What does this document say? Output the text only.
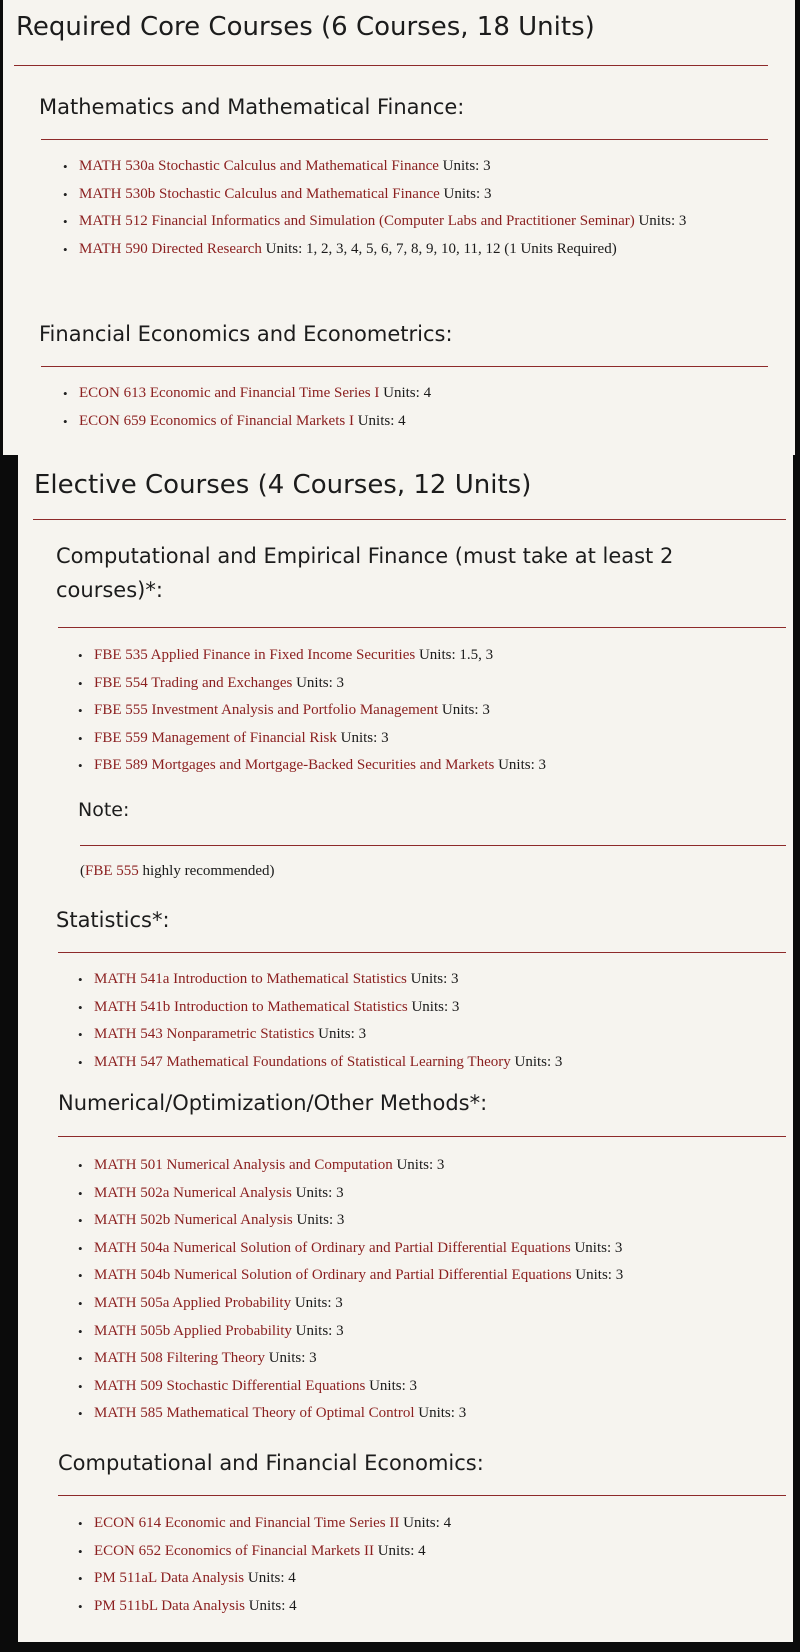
Required Core Courses (6 Courses, 18 Units)
Mathematics and Mathematical Finance:
• MATH 530a Stochastic Calculus and Mathematical Finance Units: 3
• MATH 530b Stochastic Calculus and Mathematical Finance Units: 3
• MATH 512 Financial Informatics and Simulation (Computer Labs and Practitioner Seminar) Units: 3
• MATH 590 Directed Research Units: 1, 2, 3, 4, 5, 6, 7, 8, 9, 10, 11, 12 (1 Units Required)
Financial Economics and Econometrics:
• ECON 613 Economic and Financial Time Series I Units: 4
• ECON 659 Economics of Financial Markets I Units: 4
Elective Courses (4 Courses, 12 Units)
Computational and Empirical Finance (must take at least 2 courses)*:
• FBE 535 Applied Finance in Fixed Income Securities Units: 1.5, 3
• FBE 554 Trading and Exchanges Units: 3
• FBE 555 Investment Analysis and Portfolio Management Units: 3
• FBE 559 Management of Financial Risk Units: 3
• FBE 589 Mortgages and Mortgage-Backed Securities and Markets Units: 3
Note:
(FBE 555 highly recommended)
Statistics*:
• MATH 541a Introduction to Mathematical Statistics Units: 3
• MATH 541b Introduction to Mathematical Statistics Units: 3
• MATH 543 Nonparametric Statistics Units: 3
• MATH 547 Mathematical Foundations of Statistical Learning Theory Units: 3
Numerical/Optimization/Other Methods*:
• MATH 501 Numerical Analysis and Computation Units: 3
• MATH 502a Numerical Analysis Units: 3
• MATH 502b Numerical Analysis Units: 3
• MATH 504a Numerical Solution of Ordinary and Partial Differential Equations Units: 3
• MATH 504b Numerical Solution of Ordinary and Partial Differential Equations Units: 3
• MATH 505a Applied Probability Units: 3
• MATH 505b Applied Probability Units: 3
• MATH 508 Filtering Theory Units: 3
• MATH 509 Stochastic Differential Equations Units: 3
• MATH 585 Mathematical Theory of Optimal Control Units: 3
Computational and Financial Economics:
• ECON 614 Economic and Financial Time Series II Units: 4
• ECON 652 Economics of Financial Markets II Units: 4
• PM 511aL Data Analysis Units: 4
• PM 511bL Data Analysis Units: 4
